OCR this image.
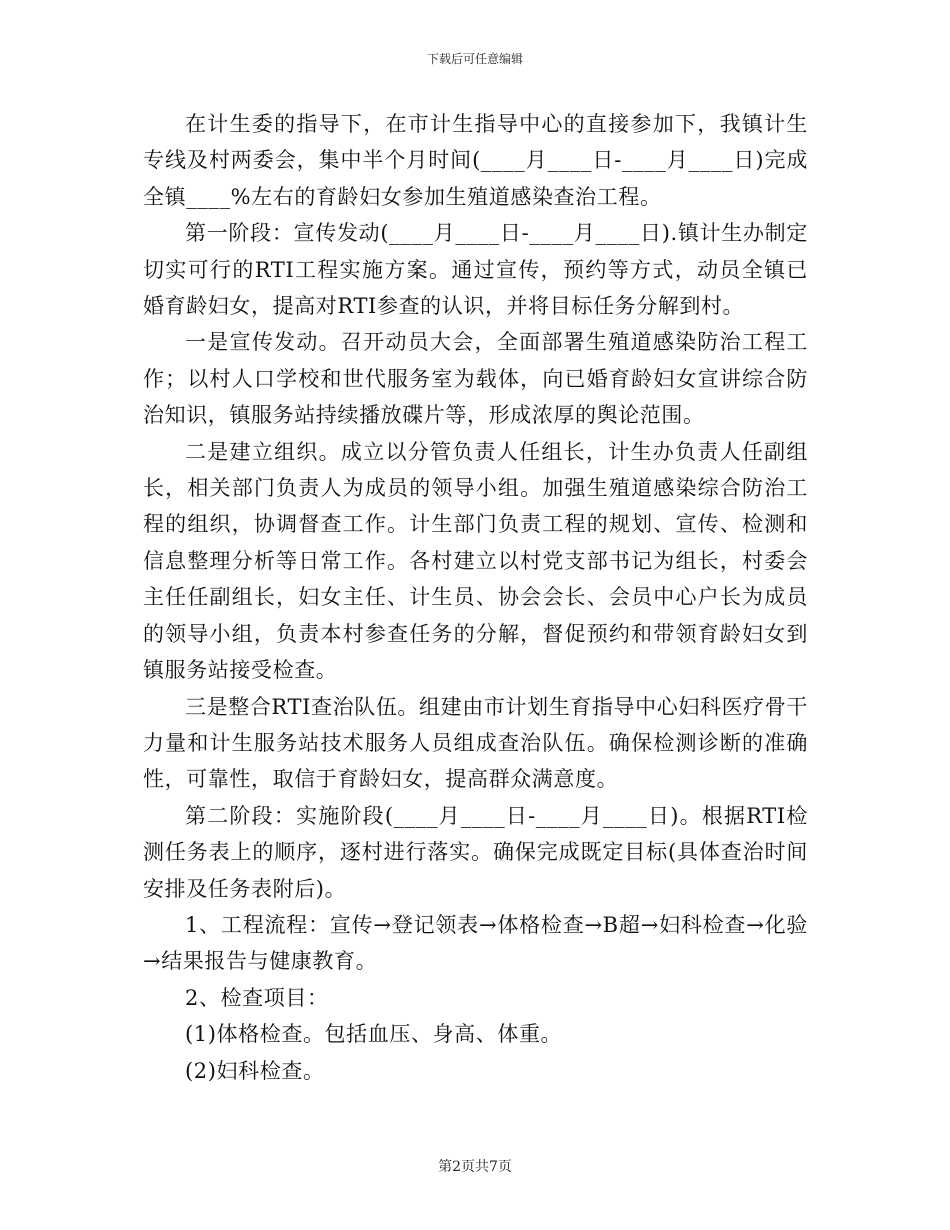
下载后可任意编辑

在计生委的指导下，在市计生指导中心的直接参加下，我镇计生专线及村两委会，集中半个月时间(____月____日-____月____日)完成全镇____%左右的育龄妇女参加生殖道感染查治工程。

第一阶段：宣传发动(____月____日-____月____日).镇计生办制定切实可行的RTI工程实施方案。通过宣传，预约等方式，动员全镇已婚育龄妇女，提高对RTI参查的认识，并将目标任务分解到村。

一是宣传发动。召开动员大会，全面部署生殖道感染防治工程工作；以村人口学校和世代服务室为载体，向已婚育龄妇女宣讲综合防治知识，镇服务站持续播放碟片等，形成浓厚的舆论范围。

二是建立组织。成立以分管负责人任组长，计生办负责人任副组长，相关部门负责人为成员的领导小组。加强生殖道感染综合防治工程的组织，协调督查工作。计生部门负责工程的规划、宣传、检测和信息整理分析等日常工作。各村建立以村党支部书记为组长，村委会主任任副组长，妇女主任、计生员、协会会长、会员中心户长为成员的领导小组，负责本村参查任务的分解，督促预约和带领育龄妇女到镇服务站接受检查。

三是整合RTI查治队伍。组建由市计划生育指导中心妇科医疗骨干力量和计生服务站技术服务人员组成查治队伍。确保检测诊断的准确性，可靠性，取信于育龄妇女，提高群众满意度。

第二阶段：实施阶段(____月____日-____月____日)。根据RTI检测任务表上的顺序，逐村进行落实。确保完成既定目标(具体查治时间安排及任务表附后)。

1、工程流程：宣传→登记领表→体格检查→B超→妇科检查→化验→结果报告与健康教育。

2、检查项目：

(1)体格检查。包括血压、身高、体重。

(2)妇科检查。

第2页共7页
